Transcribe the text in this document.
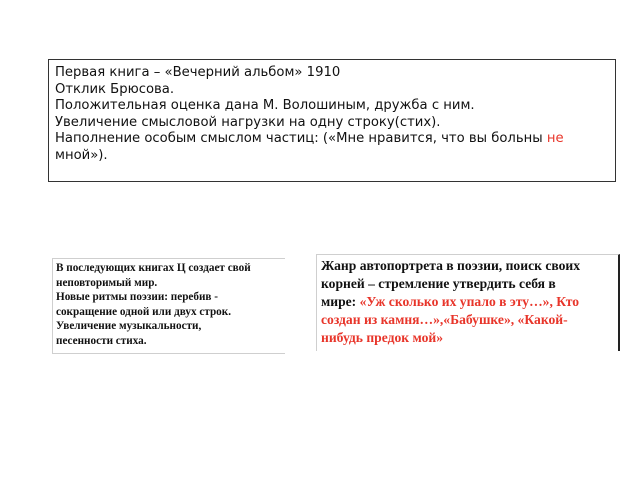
Первая книга – «Вечерний альбом» 1910
Отклик Брюсова.
Положительная оценка дана М. Волошиным, дружба с ним.
Увеличение смысловой нагрузки на одну строку(стих).
Наполнение особым смыслом частиц: («Мне нравится, что вы больны не
мной»).
В последующих книгах Ц создает свой
неповторимый мир.
Новые ритмы поэзии: перебив -
сокращение одной или двух строк.
Увеличение музыкальности,
песенности стиха.
Жанр автопортрета в поэзии, поиск своих
корней – стремление утвердить себя в
мире: «Уж сколько их упало в эту…», Кто
создан из камня…»,«Бабушке», «Какой-
нибудь предок мой»
